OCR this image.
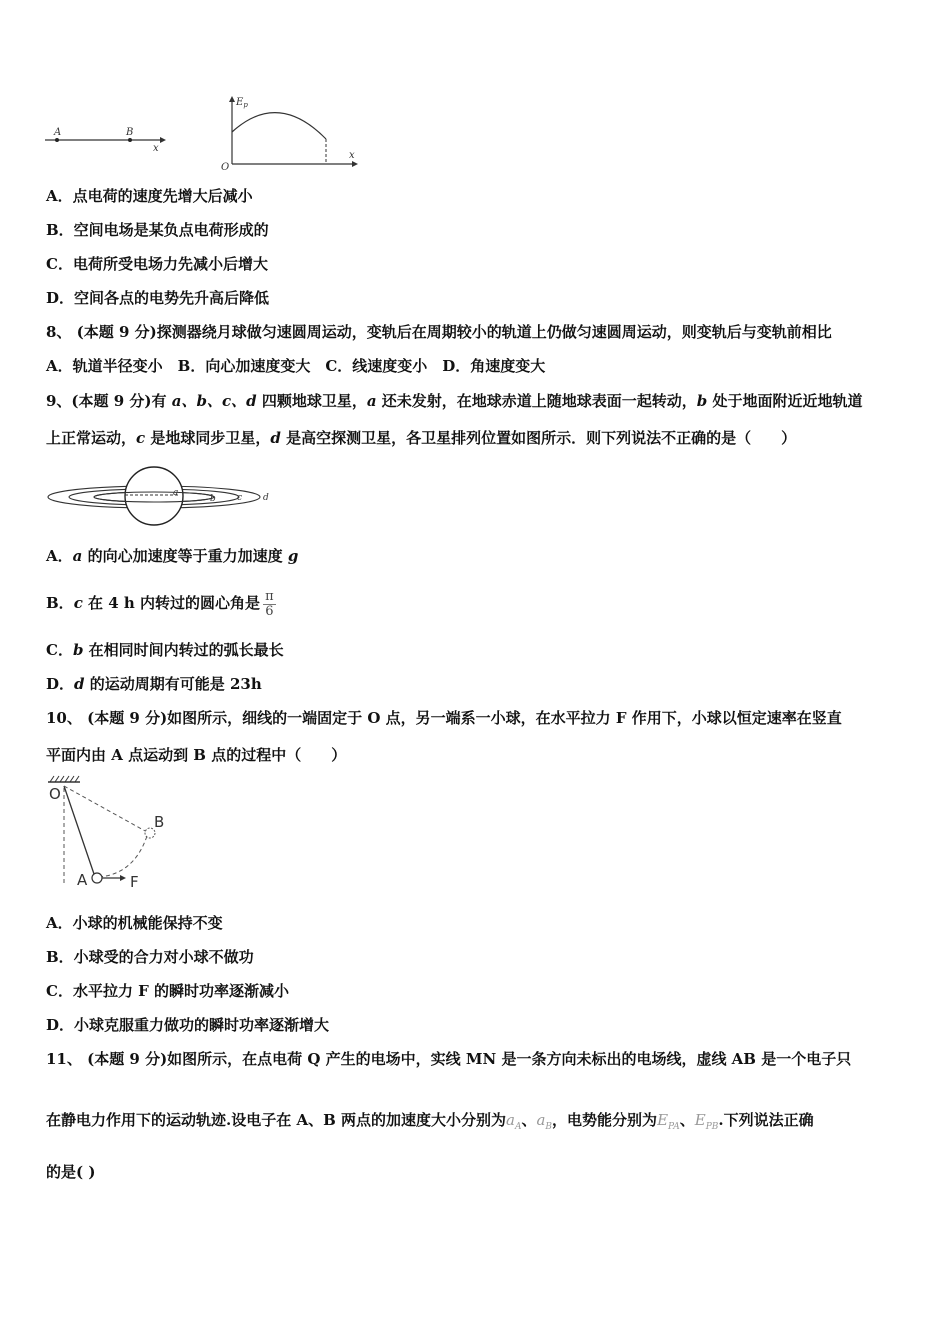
A	B
x
$E_p$
O
x
A．点电荷的速度先增大后减小
B．空间电场是某负点电荷形成的
C．电荷所受电场力先减小后增大
D．空间各点的电势先升高后降低
8、 (本题 9 分)探测器绕月球做匀速圆周运动，变轨后在周期较小的轨道上仍做匀速圆周运动，则变轨后与变轨前相比
A．轨道半径变小　B．向心加速度变大　C．线速度变小　D．角速度变大
9、(本题 9 分)有 a、b、c、d 四颗地球卫星，a 还未发射，在地球赤道上随地球表面一起转动，b 处于地面附近近地轨道
上正常运动，c 是地球同步卫星，d 是高空探测卫星，各卫星排列位置如图所示．则下列说法不正确的是（　　）
a
b c d
A．a 的向心加速度等于重力加速度 g
B．c 在 4 h 内转过的圆心角是 $\frac{\pi}{6}$
C．b 在相同时间内转过的弧长最长
D．d 的运动周期有可能是 23h
10、 (本题 9 分)如图所示，细线的一端固定于 O 点，另一端系一小球，在水平拉力 F 作用下，小球以恒定速率在竖直
平面内由 A 点运动到 B 点的过程中（　　）
O
A
B
F
A．小球的机械能保持不变
B．小球受的合力对小球不做功
C．水平拉力 F 的瞬时功率逐渐减小
D．小球克服重力做功的瞬时功率逐渐增大
11、 (本题 9 分)如图所示，在点电荷 Q 产生的电场中，实线 MN 是一条方向未标出的电场线，虚线 AB 是一个电子只
在静电力作用下的运动轨迹.设电子在 A、B 两点的加速度大小分别为$a_A$、$a_B$，电势能分别为$E_{PA}$、$E_{PB}$.下列说法正确
的是( )
